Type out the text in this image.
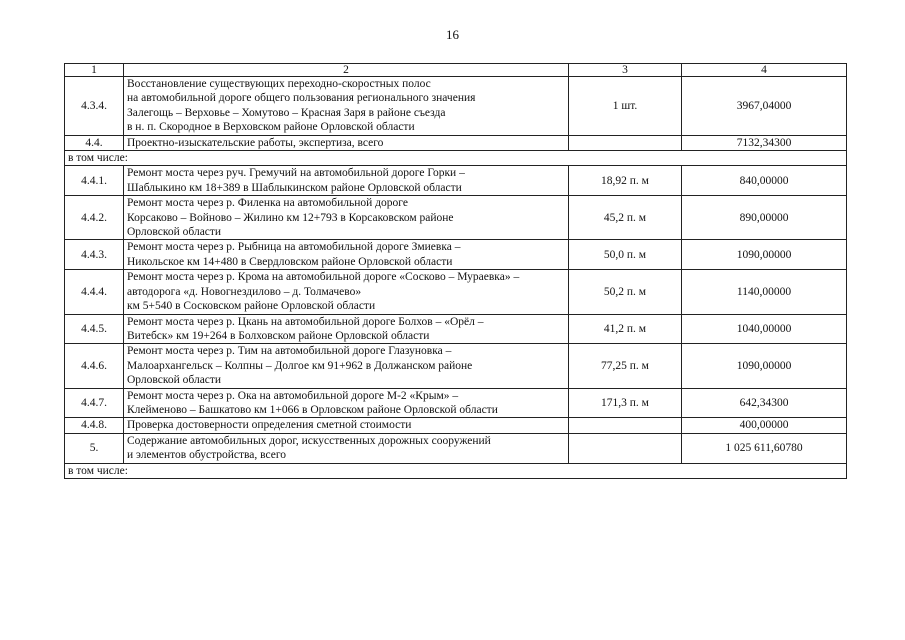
16
1	2	3	4
4.3.4.	Восстановление существующих переходно-скоростных полос
на автомобильной дороге общего пользования регионального значения
Залегощь – Верховье – Хомутово – Красная Заря в районе съезда
в н. п. Скородное в Верховском районе Орловской области	1 шт.	3967,04000
4.4.	Проектно-изыскательские работы, экспертиза, всего		7132,34300
в том числе:			
4.4.1.	Ремонт моста через руч. Гремучий на автомобильной дороге Горки –
Шаблыкино км 18+389 в Шаблыкинском районе Орловской области	18,92 п. м	840,00000
4.4.2.	Ремонт моста через р. Филенка на автомобильной дороге
Корсаково – Войново – Жилино км 12+793 в Корсаковском районе
Орловской области	45,2 п. м	890,00000
4.4.3.	Ремонт моста через р. Рыбница на автомобильной дороге Змиевка –
Никольское км 14+480 в Свердловском районе Орловской области	50,0 п. м	1090,00000
4.4.4.	Ремонт моста через р. Крома на автомобильной дороге «Сосково – Мураевка» –
автодорога «д. Новогнездилово – д. Толмачево»
км 5+540 в Сосковском районе Орловской области	50,2 п. м	1140,00000
4.4.5.	Ремонт моста через р. Цкань на автомобильной дороге Болхов – «Орёл –
Витебск» км 19+264 в Болховском районе Орловской области	41,2 п. м	1040,00000
4.4.6.	Ремонт моста через р. Тим на автомобильной дороге Глазуновка –
Малоархангельск – Колпны – Долгое км 91+962 в Должанском районе
Орловской области	77,25 п. м	1090,00000
4.4.7.	Ремонт моста через р. Ока на автомобильной дороге М-2 «Крым» –
Клейменово – Башкатово км 1+066 в Орловском районе Орловской области	171,3 п. м	642,34300
4.4.8.	Проверка достоверности определения сметной стоимости		400,00000
5.	Содержание автомобильных дорог, искусственных дорожных сооружений
и элементов обустройства, всего		1 025 611,60780
в том числе:			
